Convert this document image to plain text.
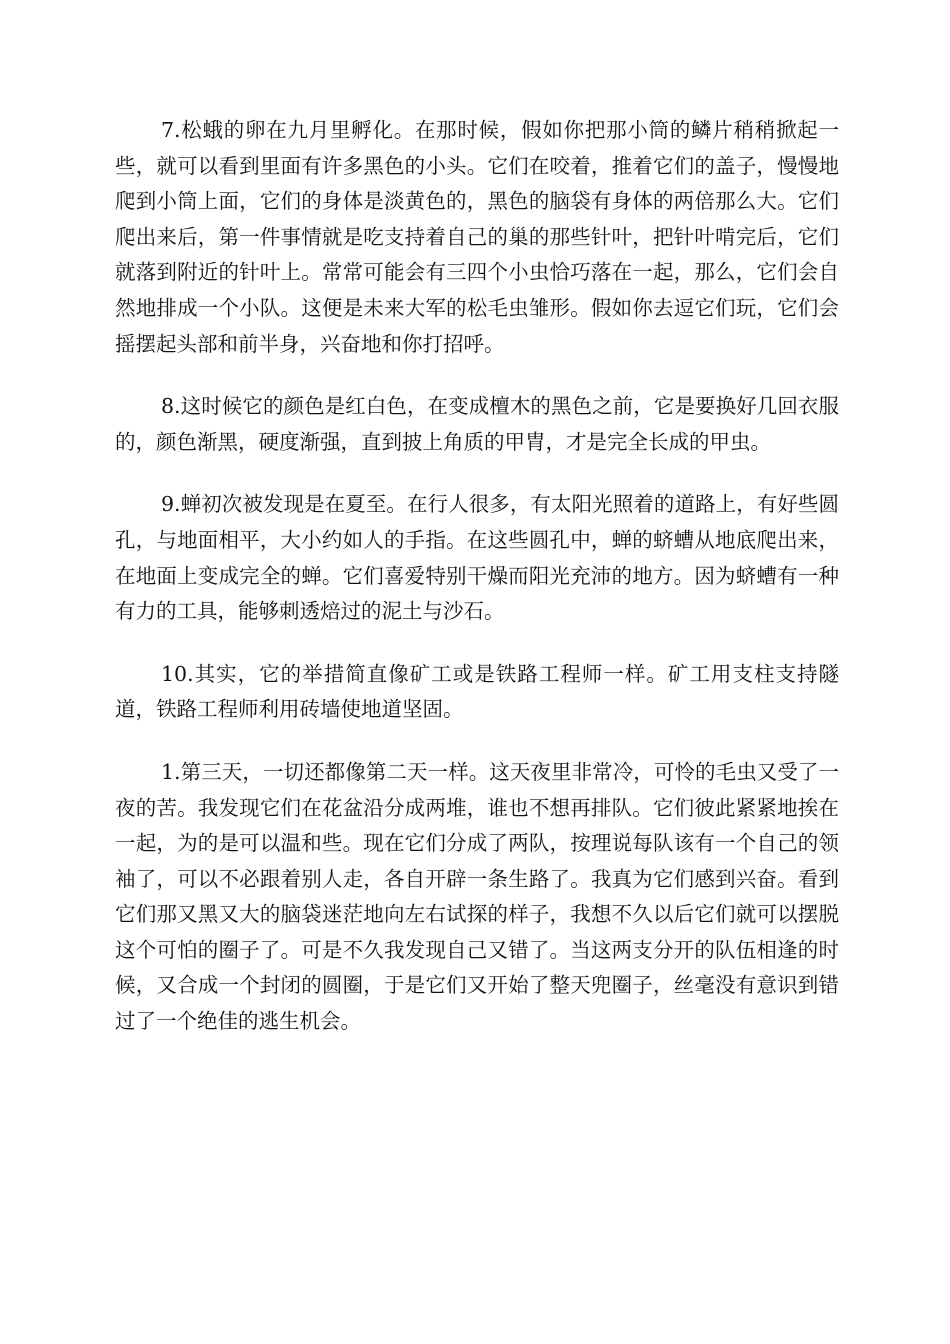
7.松蛾的卵在九月里孵化。在那时候，假如你把那小筒的鳞片稍稍掀起一些，就可以看到里面有许多黑色的小头。它们在咬着，推着它们的盖子，慢慢地爬到小筒上面，它们的身体是淡黄色的，黑色的脑袋有身体的两倍那么大。它们爬出来后，第一件事情就是吃支持着自己的巢的那些针叶，把针叶啃完后，它们就落到附近的针叶上。常常可能会有三四个小虫恰巧落在一起，那么，它们会自然地排成一个小队。这便是未来大军的松毛虫雏形。假如你去逗它们玩，它们会摇摆起头部和前半身，兴奋地和你打招呼。

8.这时候它的颜色是红白色，在变成檀木的黑色之前，它是要换好几回衣服的，颜色渐黑，硬度渐强，直到披上角质的甲胄，才是完全长成的甲虫。

9.蝉初次被发现是在夏至。在行人很多，有太阳光照着的道路上，有好些圆孔，与地面相平，大小约如人的手指。在这些圆孔中，蝉的蛴螬从地底爬出来，在地面上变成完全的蝉。它们喜爱特别干燥而阳光充沛的地方。因为蛴螬有一种有力的工具，能够刺透焙过的泥土与沙石。

10.其实，它的举措简直像矿工或是铁路工程师一样。矿工用支柱支持隧道，铁路工程师利用砖墙使地道坚固。

1.第三天，一切还都像第二天一样。这天夜里非常冷，可怜的毛虫又受了一夜的苦。我发现它们在花盆沿分成两堆，谁也不想再排队。它们彼此紧紧地挨在一起，为的是可以温和些。现在它们分成了两队，按理说每队该有一个自己的领袖了，可以不必跟着别人走，各自开辟一条生路了。我真为它们感到兴奋。看到它们那又黑又大的脑袋迷茫地向左右试探的样子，我想不久以后它们就可以摆脱这个可怕的圈子了。可是不久我发现自己又错了。当这两支分开的队伍相逢的时候，又合成一个封闭的圆圈，于是它们又开始了整天兜圈子，丝毫没有意识到错过了一个绝佳的逃生机会。
